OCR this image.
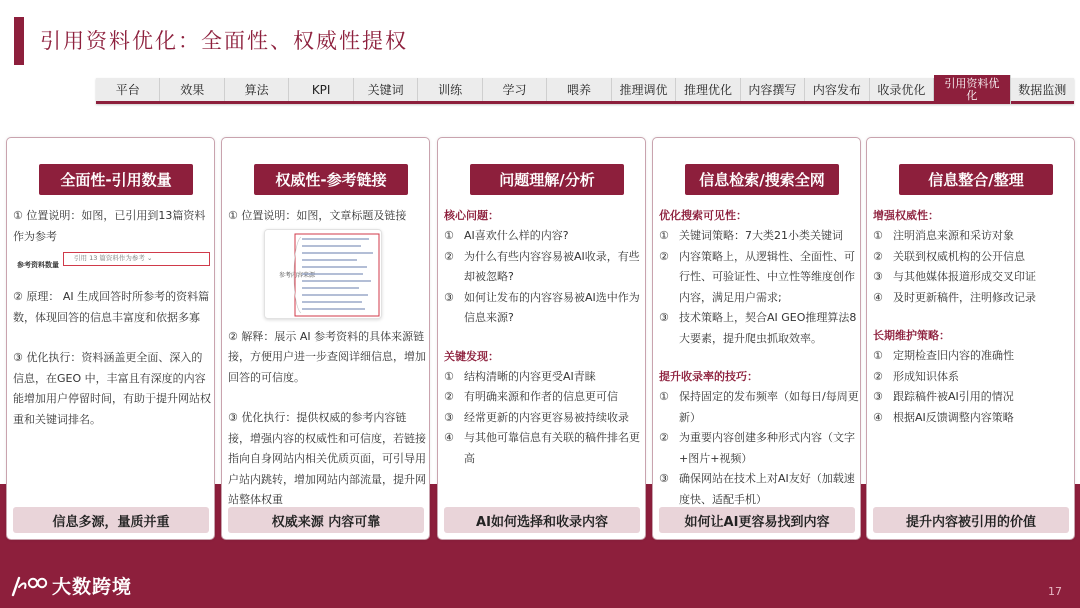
引用资料优化：全面性、权威性提权
平台	效果	算法	KPI	关键词	训练	学习	喂养	推理调优	推理优化	内容撰写	内容发布	收录优化	引用资料优化	数据监测
全面性-引用数量
① 位置说明：如图，已引用到13篇资料作为参考
参考资料数量
引用 13 篇资料作为参考 ⌄
② 原理： AI 生成回答时所参考的资料篇数，体现回答的信息丰富度和依据多寡
③ 优化执行：资料涵盖更全面、深入的信息，在GEO 中，丰富且有深度的内容能增加用户停留时间，有助于提升网站权重和关键词排名。
信息多源，量质并重
权威性-参考链接
① 位置说明：如图，文章标题及链接
参考内容来源
② 解释：展示 AI 参考资料的具体来源链接，方便用户进一步查阅详细信息，增加回答的可信度。
③ 优化执行：提供权威的参考内容链接，增强内容的权威性和可信度，若链接指向自身网站内相关优质页面，可引导用户站内跳转，增加网站内部流量，提升网站整体权重
权威来源 内容可靠
问题理解/分析
核心问题：
① AI喜欢什么样的内容?
② 为什么有些内容容易被AI收录，有些却被忽略?
③ 如何让发布的内容容易被AI选中作为信息来源?
关键发现：
① 结构清晰的内容更受AI青睐
② 有明确来源和作者的信息更可信
③ 经常更新的内容更容易被持续收录
④ 与其他可靠信息有关联的稿件排名更高
AI如何选择和收录内容
信息检索/搜索全网
优化搜索可见性：
① 关键词策略：7大类21小类关键词
② 内容策略上，从逻辑性、全面性、可行性、可验证性、中立性等维度创作内容，满足用户需求;
③ 技术策略上，契合AI GEO推理算法8大要素，提升爬虫抓取效率。
提升收录率的技巧：
① 保持固定的发布频率（如每日/每周更新）
② 为重要内容创建多种形式内容（文字+图片+视频）
③ 确保网站在技术上对AI友好（加载速度快、适配手机）
如何让AI更容易找到内容
信息整合/整理
增强权威性：
① 注明消息来源和采访对象
② 关联到权威机构的公开信息
③ 与其他媒体报道形成交叉印证
④ 及时更新稿件，注明修改记录
长期维护策略：
① 定期检查旧内容的准确性
② 形成知识体系
③ 跟踪稿件被AI引用的情况
④ 根据AI反馈调整内容策略
提升内容被引用的价值
大数跨境	17
